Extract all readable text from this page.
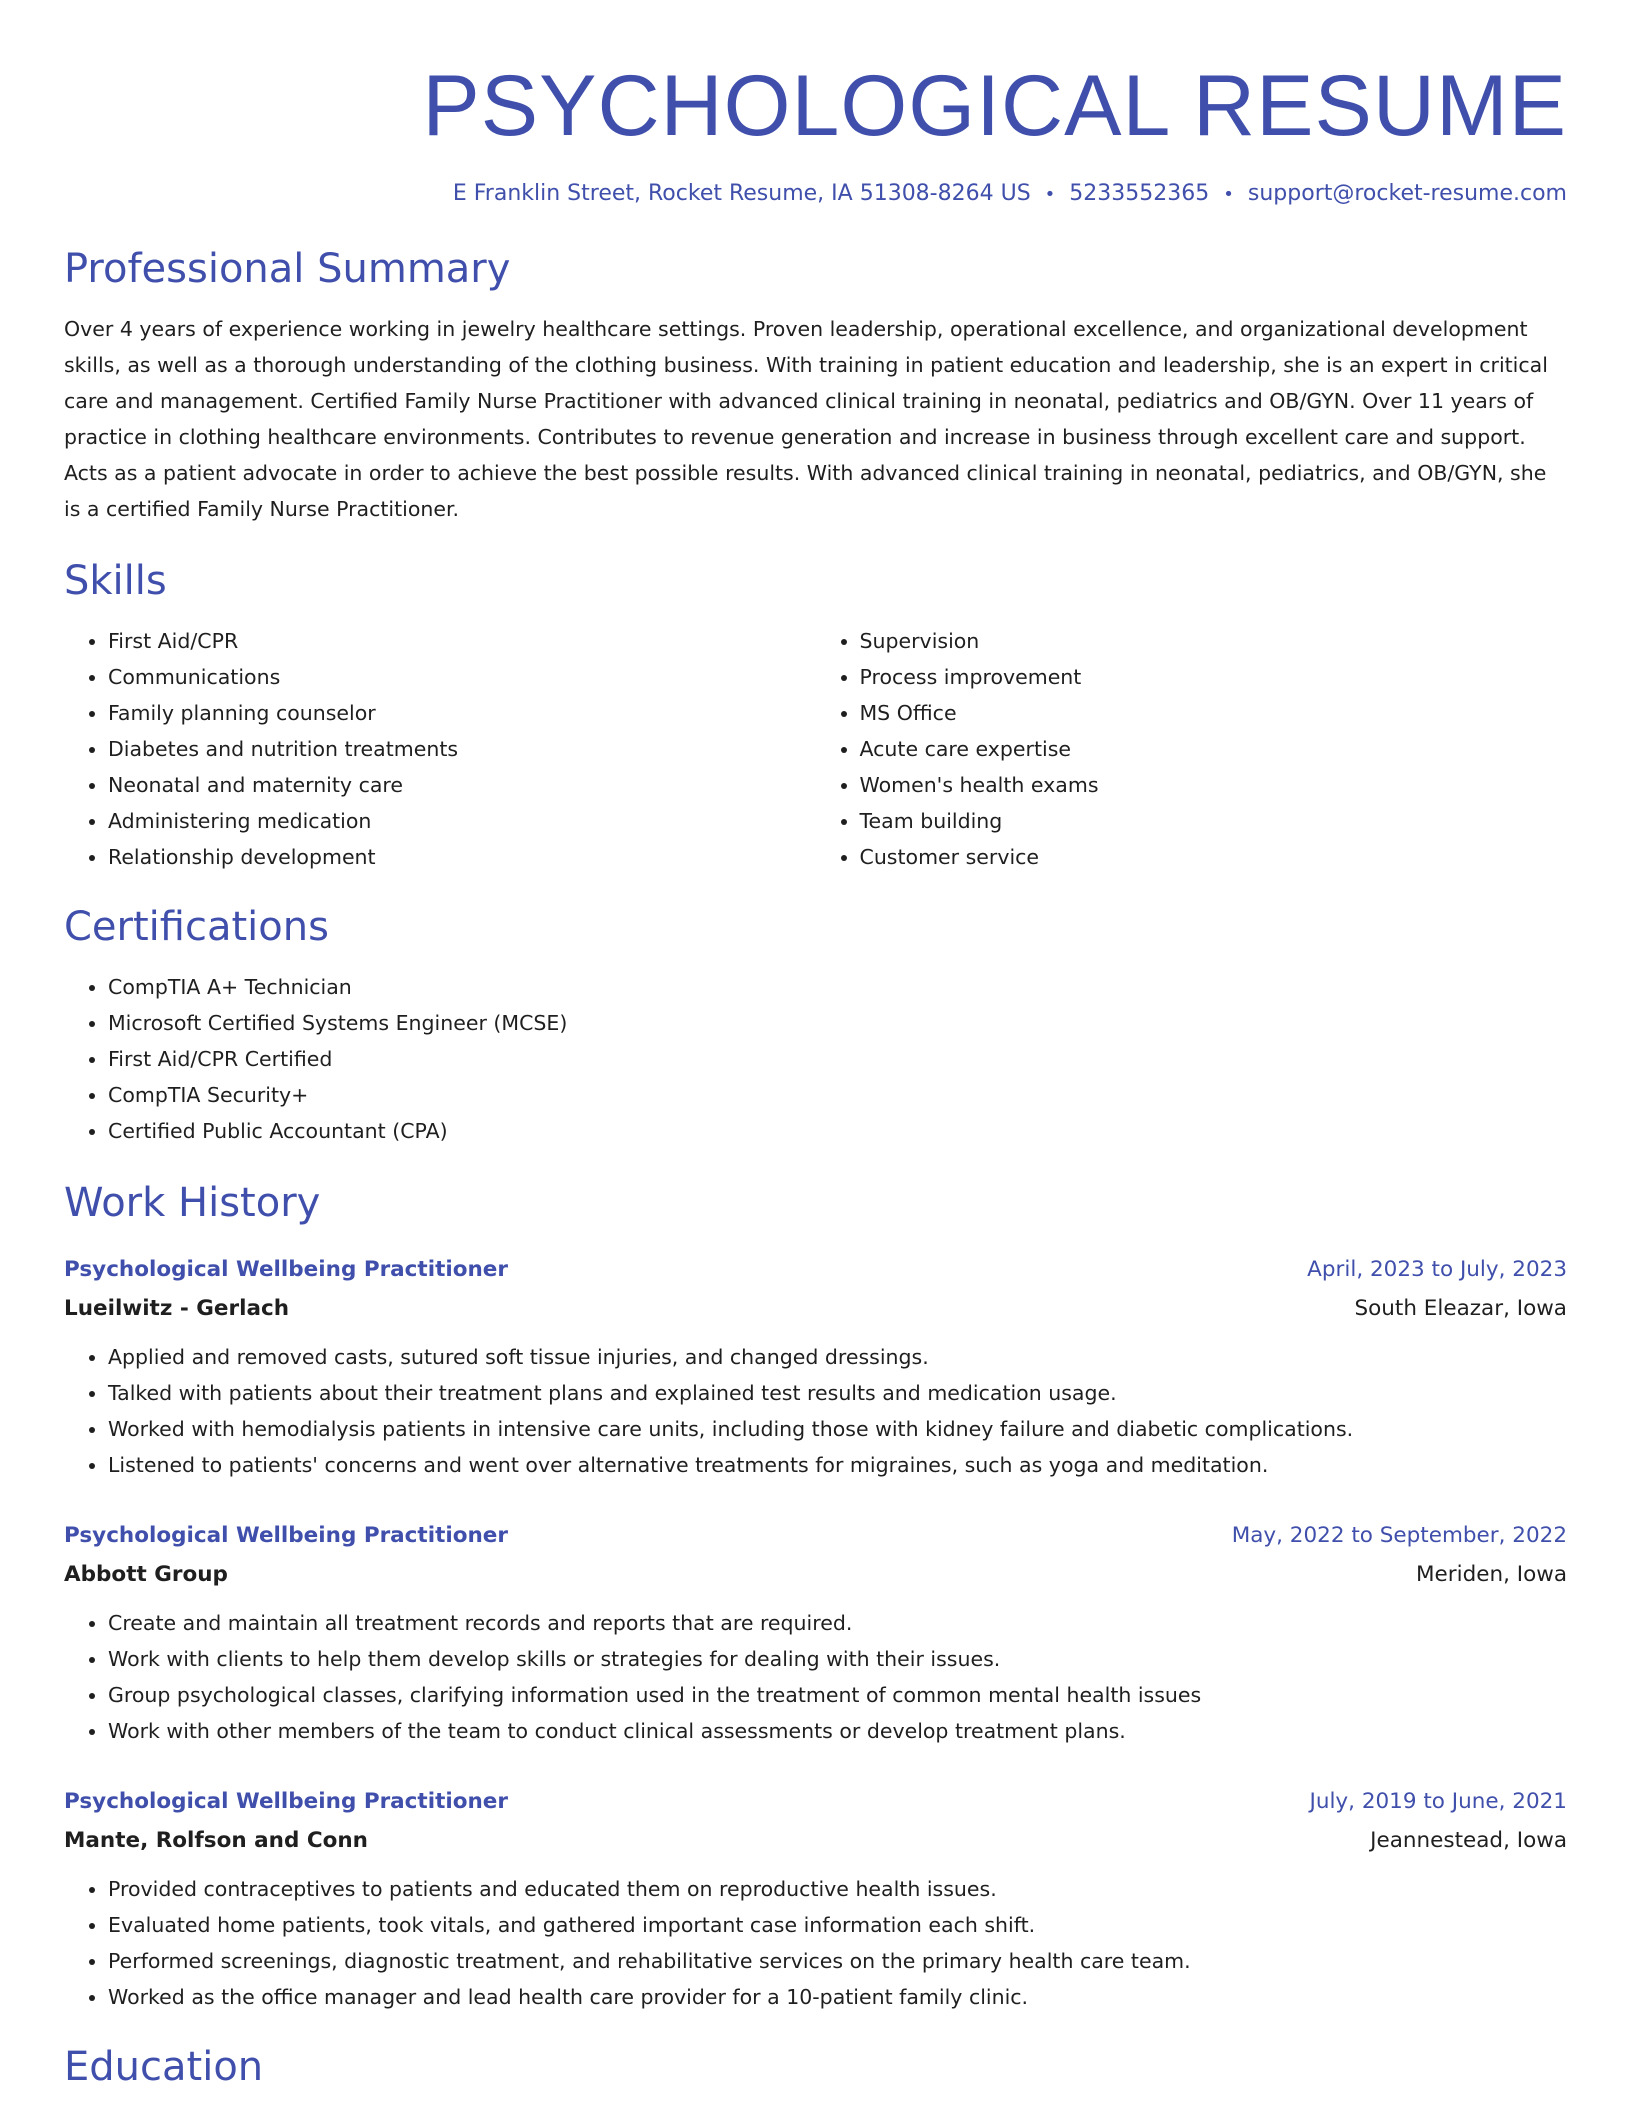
PSYCHOLOGICAL RESUME
E Franklin Street, Rocket Resume, IA 51308-8264 US • 5233552365 • support@rocket-resume.com
Professional Summary
Over 4 years of experience working in jewelry healthcare settings. Proven leadership, operational excellence, and organizational development skills, as well as a thorough understanding of the clothing business. With training in patient education and leadership, she is an expert in critical care and management. Certified Family Nurse Practitioner with advanced clinical training in neonatal, pediatrics and OB/GYN. Over 11 years of practice in clothing healthcare environments. Contributes to revenue generation and increase in business through excellent care and support. Acts as a patient advocate in order to achieve the best possible results. With advanced clinical training in neonatal, pediatrics, and OB/GYN, she is a certified Family Nurse Practitioner.
Skills
• First Aid/CPR
• Communications
• Family planning counselor
• Diabetes and nutrition treatments
• Neonatal and maternity care
• Administering medication
• Relationship development
• Supervision
• Process improvement
• MS Office
• Acute care expertise
• Women's health exams
• Team building
• Customer service
Certifications
• CompTIA A+ Technician
• Microsoft Certified Systems Engineer (MCSE)
• First Aid/CPR Certified
• CompTIA Security+
• Certified Public Accountant (CPA)
Work History
Psychological Wellbeing Practitioner	April, 2023 to July, 2023
Lueilwitz - Gerlach	South Eleazar, Iowa
• Applied and removed casts, sutured soft tissue injuries, and changed dressings.
• Talked with patients about their treatment plans and explained test results and medication usage.
• Worked with hemodialysis patients in intensive care units, including those with kidney failure and diabetic complications.
• Listened to patients' concerns and went over alternative treatments for migraines, such as yoga and meditation.
Psychological Wellbeing Practitioner	May, 2022 to September, 2022
Abbott Group	Meriden, Iowa
• Create and maintain all treatment records and reports that are required.
• Work with clients to help them develop skills or strategies for dealing with their issues.
• Group psychological classes, clarifying information used in the treatment of common mental health issues
• Work with other members of the team to conduct clinical assessments or develop treatment plans.
Psychological Wellbeing Practitioner	July, 2019 to June, 2021
Mante, Rolfson and Conn	Jeannestead, Iowa
• Provided contraceptives to patients and educated them on reproductive health issues.
• Evaluated home patients, took vitals, and gathered important case information each shift.
• Performed screenings, diagnostic treatment, and rehabilitative services on the primary health care team.
• Worked as the office manager and lead health care provider for a 10-patient family clinic.
Education
